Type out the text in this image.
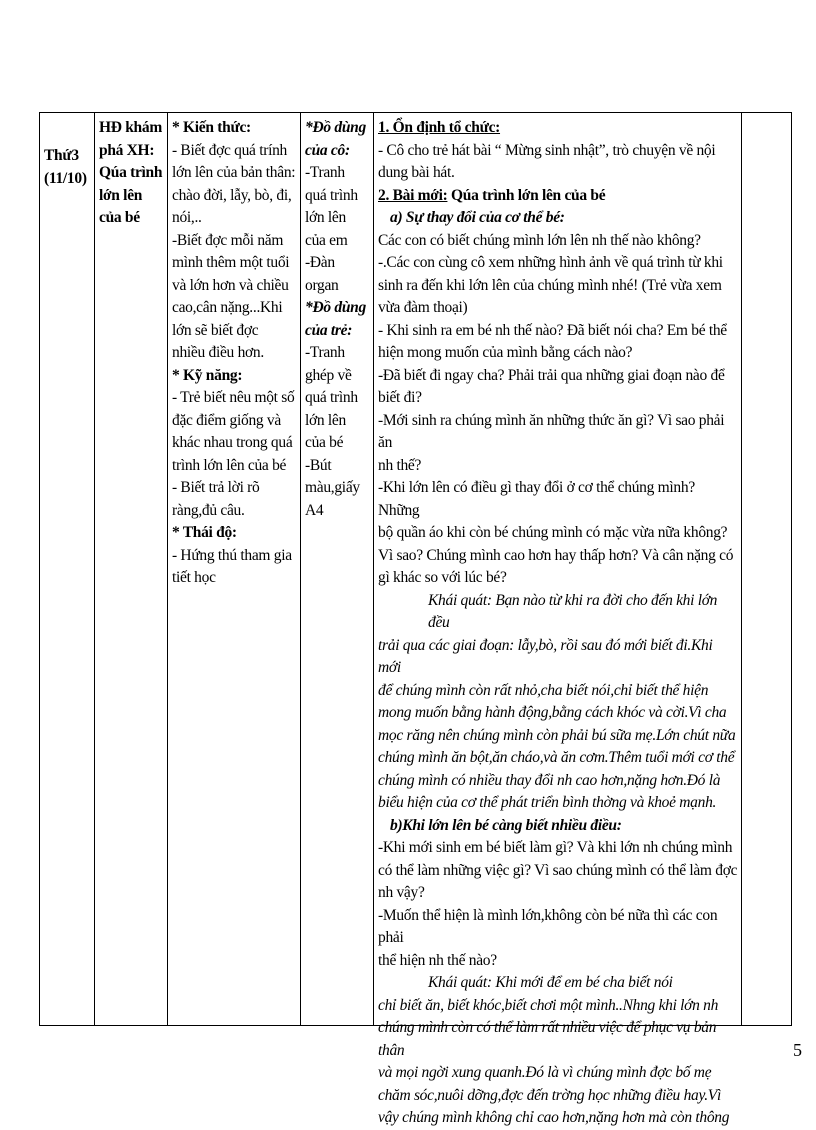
Thứ3
(11/10)

HĐ khám
phá XH:
Qúa trình
lớn lên
của bé

* Kiến thức:
- Biết đợc quá trính
lớn lên của bản thân:
chào đời, lẫy, bò, đi,
nói,..
-Biết đợc mỗi năm
mình thêm một tuổi
và lớn hơn và chiều
cao,cân nặng...Khi
lớn sẽ biết đợc
nhiều điều hơn.
* Kỹ năng:
- Trẻ biết nêu một số
đặc điểm giống và
khác nhau trong quá
trình lớn lên của bé
- Biết trả lời rõ
ràng,đủ câu.
* Thái độ:
- Hứng thú tham gia
tiết học

*Đồ dùng
của cô:
-Tranh
quá trình
lớn lên
của em
-Đàn
organ
*Đồ dùng
của trẻ:
-Tranh
ghép về
quá trình
lớn lên
của bé
-Bút
màu,giấy
A4

1. Ổn định tổ chức:
- Cô cho trẻ hát bài “ Mừng sinh nhật”, trò chuyện về nội
dung bài hát.
2. Bài mới: Qúa trình lớn lên của bé
a) Sự thay đổi của cơ thể bé:
Các con có biết chúng mình lớn lên nh thế nào không?
-.Các con cùng cô xem những hình ảnh về quá trình từ khi
sinh ra đến khi lớn lên của chúng mình nhé! (Trẻ vừa xem
vừa đàm thoại)
- Khi sinh ra em bé nh thế nào? Đã biết nói cha? Em bé thể
hiện mong muốn của mình bằng cách nào?
-Đã biết đi ngay cha? Phải trải qua những giai đoạn nào để
biết đi?
-Mới sinh ra chúng mình ăn những thức ăn gì? Vì sao phải ăn
nh thế?
-Khi lớn lên có điều gì thay đổi ở cơ thể chúng mình? Những
bộ quần áo khi còn bé chúng mình có mặc vừa nữa không?
Vì sao? Chúng mình cao hơn hay thấp hơn? Và cân nặng có
gì khác so với lúc bé?
Khái quát: Bạn nào từ khi ra đời cho đến khi lớn đều
trải qua các giai đoạn: lẫy,bò, rồi sau đó mới biết đi.Khi mới
để chúng mình còn rất nhỏ,cha biết nói,chỉ biết thể hiện
mong muốn bằng hành động,bằng cách khóc và cời.Vì cha
mọc răng nên chúng mình còn phải bú sữa mẹ.Lớn chút nữa
chúng mình ăn bột,ăn cháo,và ăn cơm.Thêm tuổi mới cơ thể
chúng mình có nhiều thay đổi nh cao hơn,nặng hơn.Đó là
biểu hiện của cơ thể phát triển bình thờng và khoẻ mạnh.
b)Khi lớn lên bé càng biết nhiều điều:
-Khi mới sinh em bé biết làm gì? Và khi lớn nh chúng mình
có thể làm những việc gì? Vì sao chúng mình có thể làm đợc
nh vậy?
-Muốn thể hiện là mình lớn,không còn bé nữa thì các con phải
thể hiện nh thế nào?
Khái quát: Khi mới để em bé cha biết nói
chỉ biết ăn, biết khóc,biết chơi một mình..Nhng khi lớn nh
chúng mình còn có thể làm rất nhiều việc để phục vụ bản thân
và mọi ngời xung quanh.Đó là vì chúng mình đợc bố mẹ
chăm sóc,nuôi dỡng,đợc đến trờng học những điều hay.Vì
vậy chúng mình không chỉ cao hơn,nặng hơn mà còn thông

5
